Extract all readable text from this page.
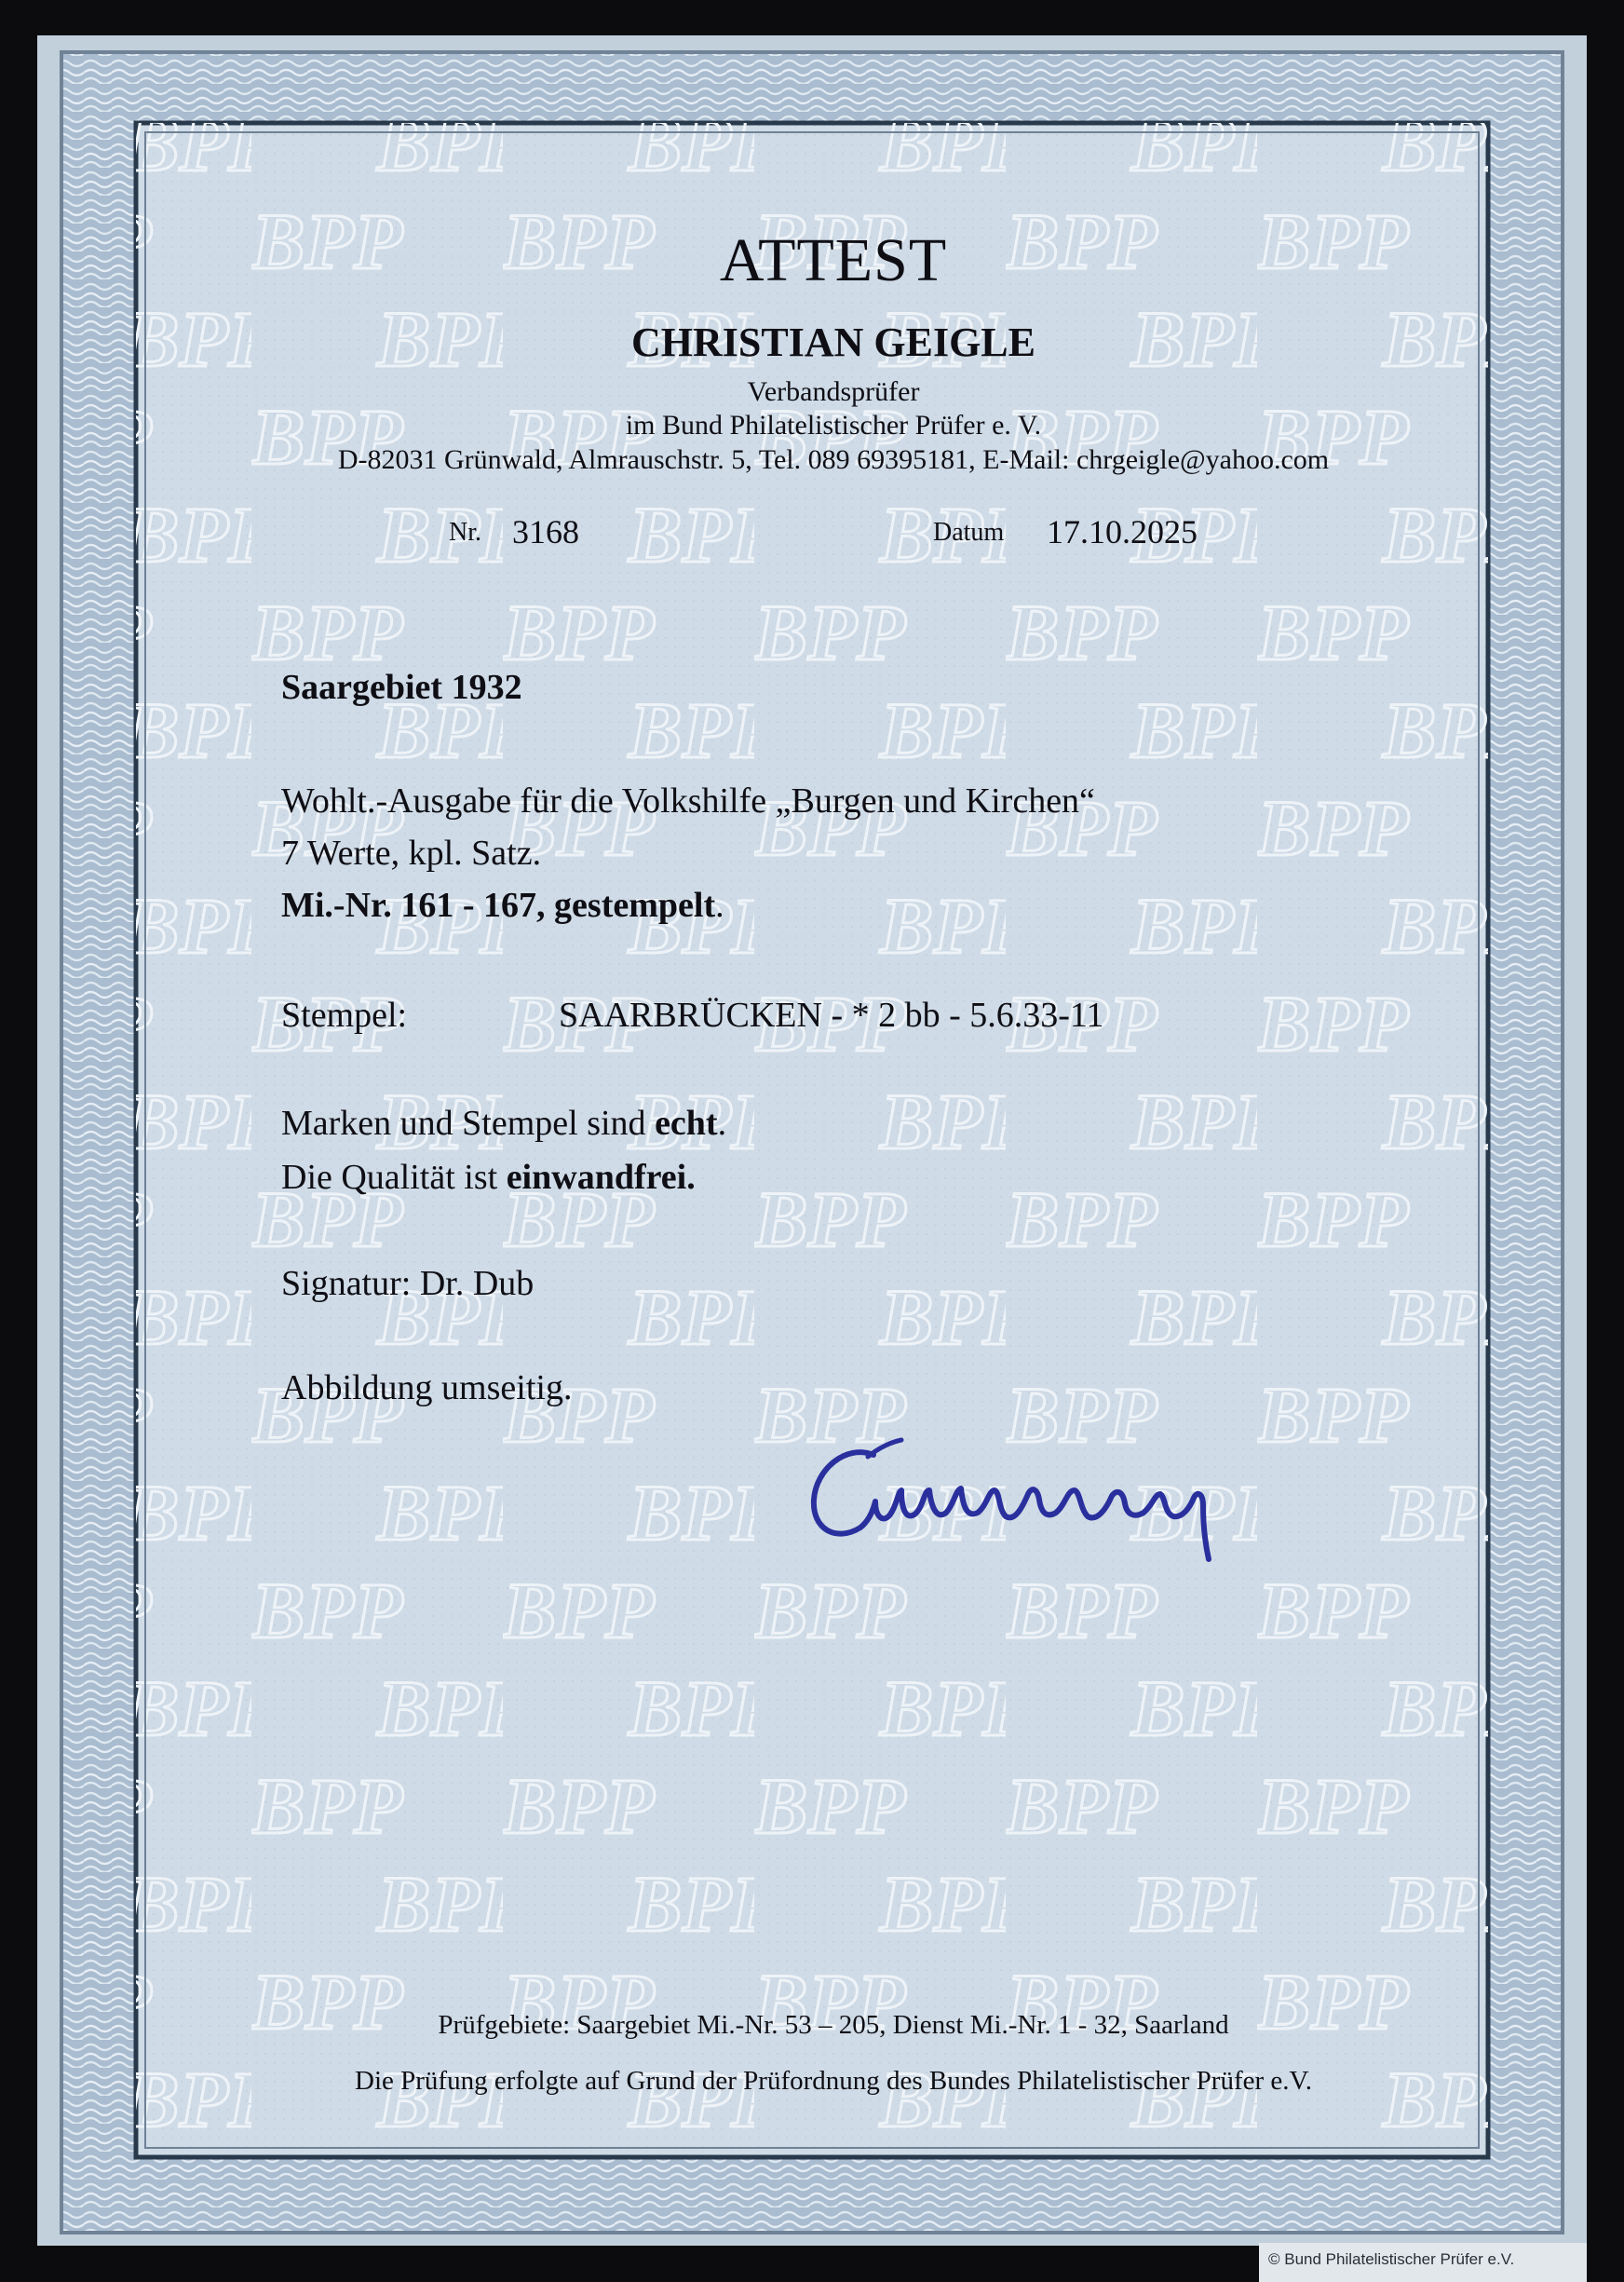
ATTEST
CHRISTIAN GEIGLE
Verbandsprüfer
im Bund Philatelistischer Prüfer e. V.
D-82031 Grünwald, Almrauschstr. 5, Tel. 089 69395181, E-Mail: chrgeigle@yahoo.com
Nr. 3168	Datum 17.10.2025
Saargebiet 1932
Wohlt.-Ausgabe für die Volkshilfe „Burgen und Kirchen“
7 Werte, kpl. Satz.
Mi.-Nr. 161 - 167, gestempelt.
Stempel:	SAARBRÜCKEN - * 2 bb - 5.6.33-11
Marken und Stempel sind echt.
Die Qualität ist einwandfrei.
Signatur: Dr. Dub
Abbildung umseitig.
Prüfgebiete: Saargebiet Mi.-Nr. 53 – 205, Dienst Mi.-Nr. 1 - 32, Saarland
Die Prüfung erfolgte auf Grund der Prüfordnung des Bundes Philatelistischer Prüfer e.V.
© Bund Philatelistischer Prüfer e.V.
